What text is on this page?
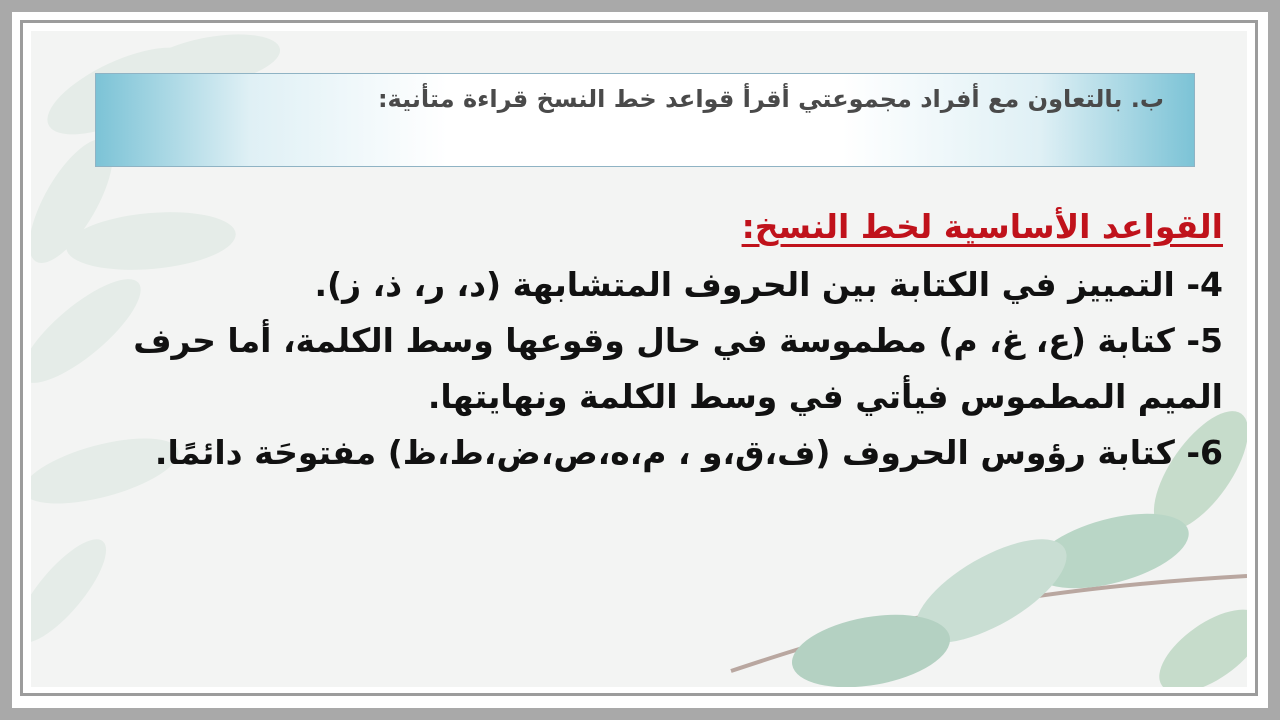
ب. بالتعاون مع أفراد مجموعتي أقرأ قواعد خط النسخ قراءة متأنية:

القواعد الأساسية لخط النسخ:

4- التمييز في الكتابة بين الحروف المتشابهة (د، ر، ذ، ز).

5- كتابة (ع، غ، م) مطموسة في حال وقوعها وسط الكلمة، أما حرف الميم المطموس فيأتي في وسط الكلمة ونهايتها.

6- كتابة رؤوس الحروف (ف،ق،و ، م،ه،ص،ض،ط،ظ) مفتوحَة دائمًا.
